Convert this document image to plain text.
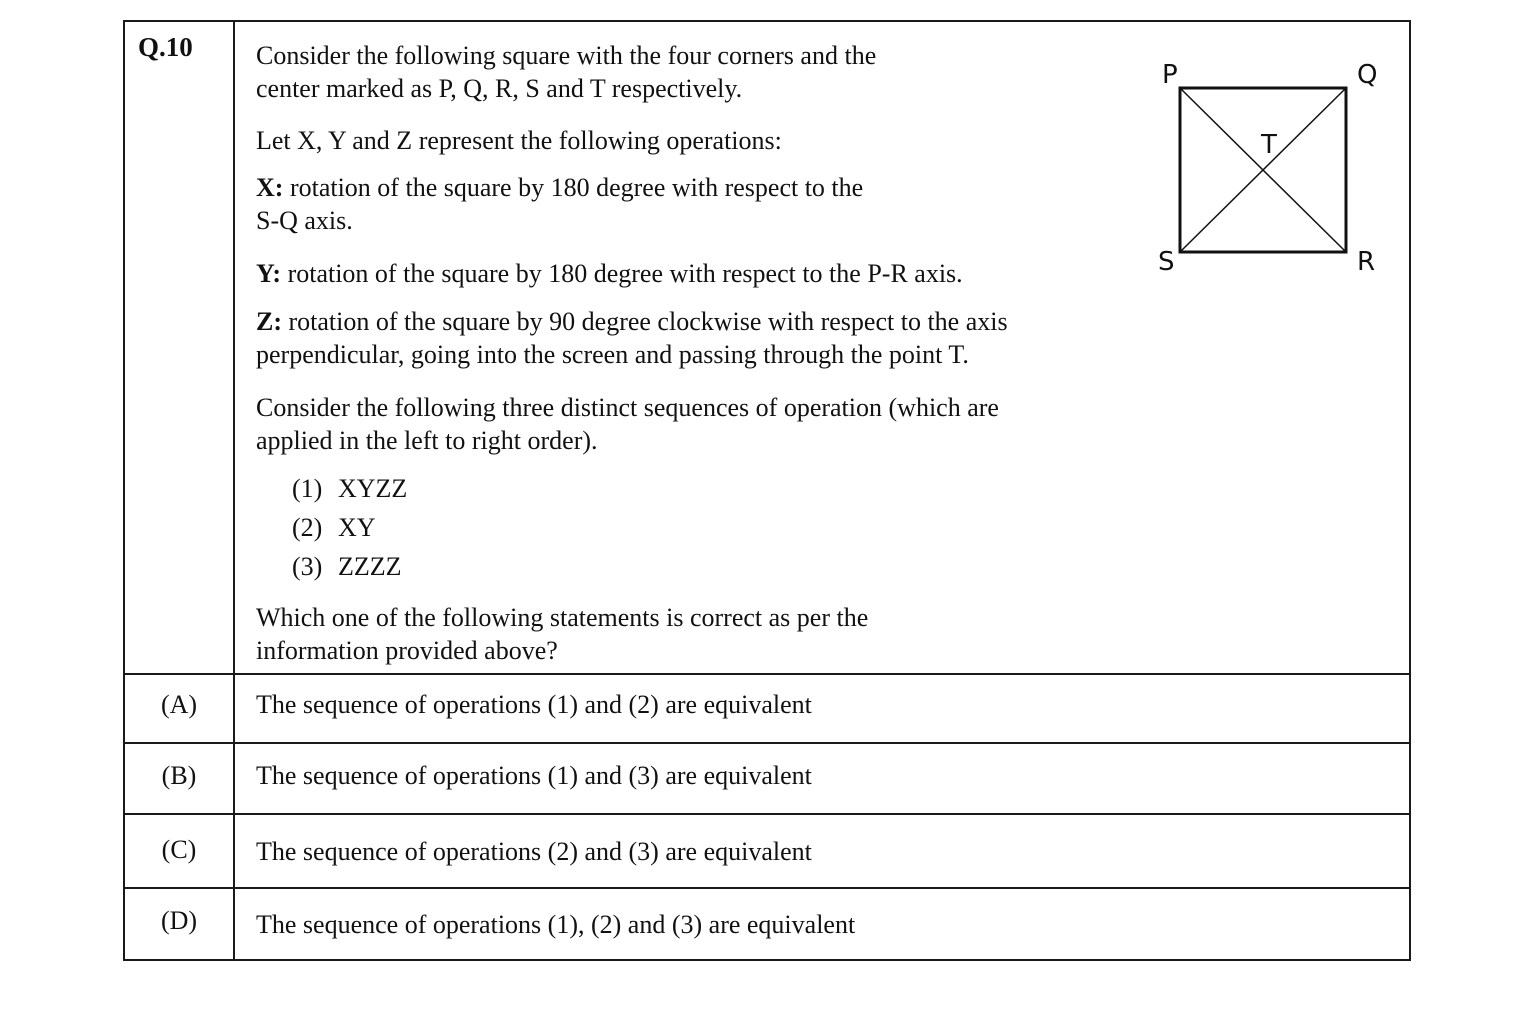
Q.10 Consider the following square with the four corners and the center marked as P, Q, R, S and T respectively.

Let X, Y and Z represent the following operations:

X: rotation of the square by 180 degree with respect to the S-Q axis.

Y: rotation of the square by 180 degree with respect to the P-R axis.

Z: rotation of the square by 90 degree clockwise with respect to the axis perpendicular, going into the screen and passing through the point T.

Consider the following three distinct sequences of operation (which are applied in the left to right order).

(1) XYZZ
(2) XY
(3) ZZZZ

Which one of the following statements is correct as per the information provided above?

P	Q
R
S
T
(A)	The sequence of operations (1) and (2) are equivalent
(B)	The sequence of operations (1) and (3) are equivalent
(C)	The sequence of operations (2) and (3) are equivalent
(D)	The sequence of operations (1), (2) and (3) are equivalent
